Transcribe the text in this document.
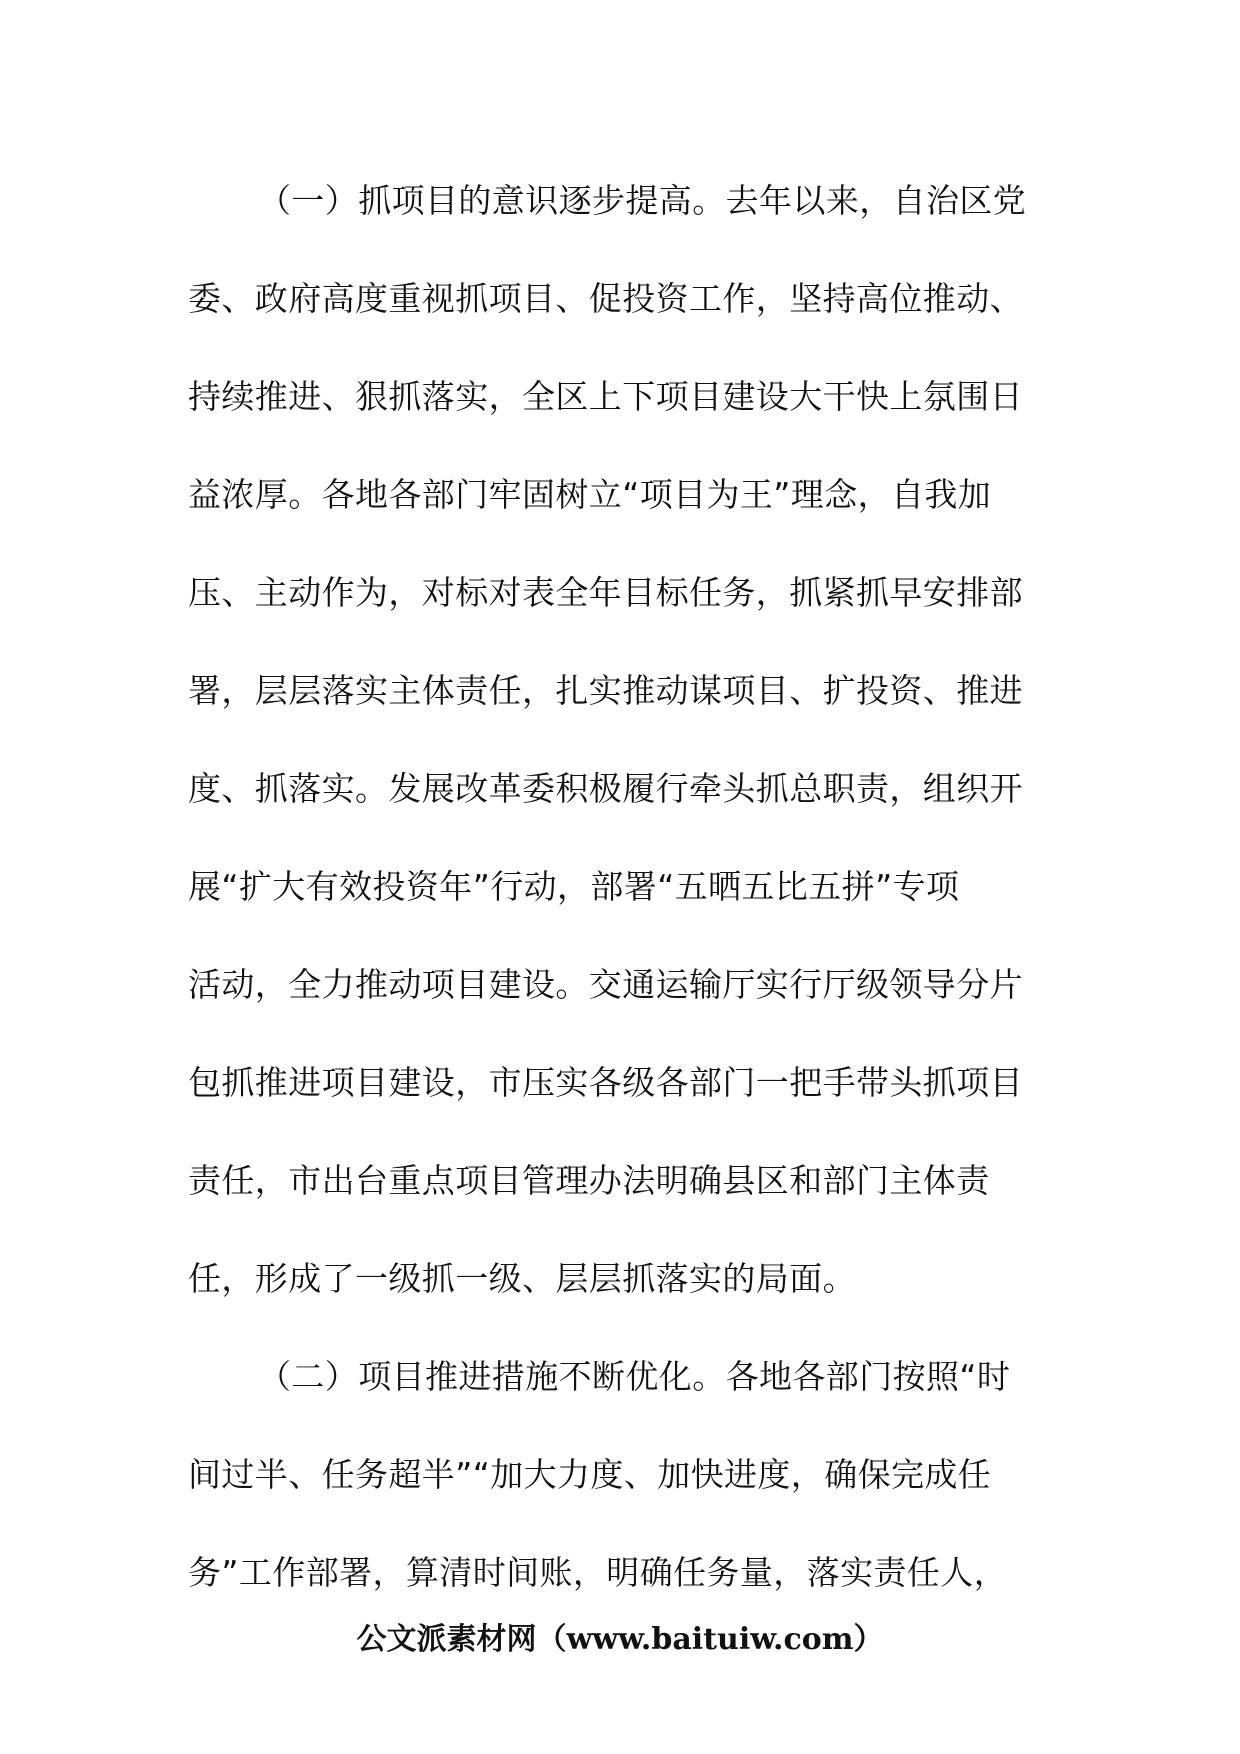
（一）抓项目的意识逐步提高。去年以来，自治区党
委、政府高度重视抓项目、促投资工作，坚持高位推动、
持续推进、狠抓落实，全区上下项目建设大干快上氛围日
益浓厚。各地各部门牢固树立“项目为王”理念，自我加
压、主动作为，对标对表全年目标任务，抓紧抓早安排部
署，层层落实主体责任，扎实推动谋项目、扩投资、推进
度、抓落实。发展改革委积极履行牵头抓总职责，组织开
展“扩大有效投资年”行动，部署“五晒五比五拼”专项
活动，全力推动项目建设。交通运输厅实行厅级领导分片
包抓推进项目建设，市压实各级各部门一把手带头抓项目
责任，市出台重点项目管理办法明确县区和部门主体责
任，形成了一级抓一级、层层抓落实的局面。
（二）项目推进措施不断优化。各地各部门按照“时
间过半、任务超半”“加大力度、加快进度，确保完成任
务”工作部署，算清时间账，明确任务量，落实责任人，
公文派素材网（www.baituiw.com）
